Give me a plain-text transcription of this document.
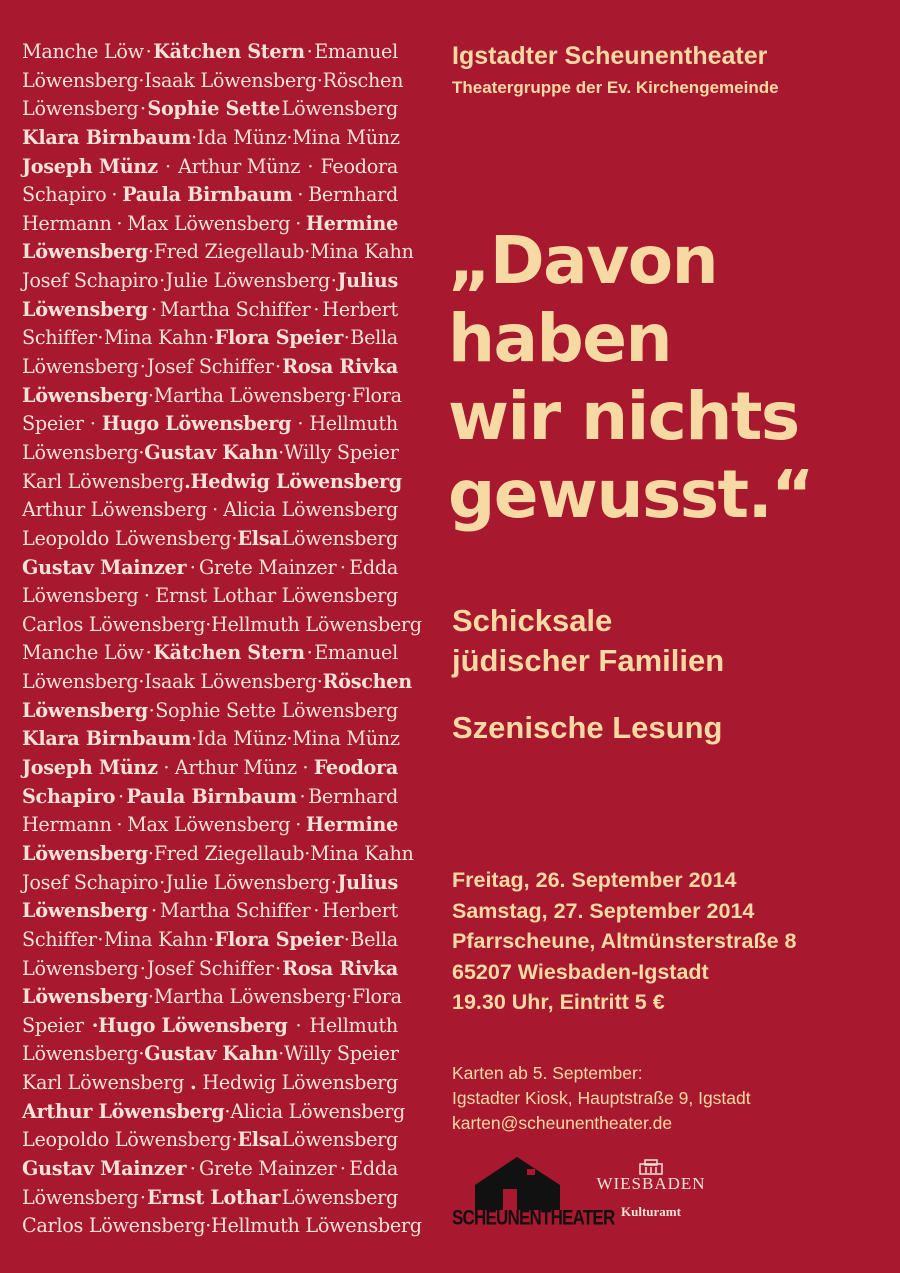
Manche Löw · Kätchen Stern · Emanuel
Löwensberg · Isaak Löwensberg · Röschen
Löwensberg · Sophie Sette Löwensberg
Klara Birnbaum · Ida Münz · Mina Münz
Joseph Münz · Arthur Münz · Feodora
Schapiro · Paula Birnbaum · Bernhard
Hermann · Max Löwensberg · Hermine
Löwensberg · Fred Ziegellaub · Mina Kahn
Josef Schapiro · Julie Löwensberg · Julius
Löwensberg · Martha Schiffer · Herbert
Schiffer · Mina Kahn · Flora Speier · Bella
Löwensberg · Josef Schiffer · Rosa Rivka
Löwensberg · Martha Löwensberg · Flora
Speier · Hugo Löwensberg · Hellmuth
Löwensberg · Gustav Kahn · Willy Speier
Karl Löwensberg . Hedwig Löwensberg
Arthur Löwensberg · Alicia Löwensberg
Leopoldo Löwensberg · Elsa Löwensberg
Gustav Mainzer · Grete Mainzer · Edda
Löwensberg · Ernst Lothar Löwensberg
Carlos Löwensberg · Hellmuth Löwensberg
Manche Löw · Kätchen Stern · Emanuel
Löwensberg · Isaak Löwensberg · Röschen
Löwensberg · Sophie Sette Löwensberg
Klara Birnbaum · Ida Münz · Mina Münz
Joseph Münz · Arthur Münz · Feodora
Schapiro · Paula Birnbaum · Bernhard
Hermann · Max Löwensberg · Hermine
Löwensberg · Fred Ziegellaub · Mina Kahn
Josef Schapiro · Julie Löwensberg · Julius
Löwensberg · Martha Schiffer · Herbert
Schiffer · Mina Kahn · Flora Speier · Bella
Löwensberg · Josef Schiffer · Rosa Rivka
Löwensberg · Martha Löwensberg · Flora
Speier ·Hugo Löwensberg · Hellmuth
Löwensberg · Gustav Kahn · Willy Speier
Karl Löwensberg . Hedwig Löwensberg
Arthur Löwensberg · Alicia Löwensberg
Leopoldo Löwensberg · Elsa Löwensberg
Gustav Mainzer · Grete Mainzer · Edda
Löwensberg · Ernst Lothar Löwensberg
Carlos Löwensberg · Hellmuth Löwensberg
Igstadter Scheunentheater
Theatergruppe der Ev. Kirchengemeinde
„Davon
haben
wir nichts
gewusst.“
Schicksale
jüdischer Familien
Szenische Lesung
Freitag, 26. September 2014
Samstag, 27. September 2014
Pfarrscheune, Altmünsterstraße 8
65207 Wiesbaden-Igstadt
19.30 Uhr, Eintritt 5 €
Karten ab 5. September:
Igstadter Kiosk, Hauptstraße 9, Igstadt
karten@scheunentheater.de
SCHEUNENTHEATER
WIESBADEN
Kulturamt
